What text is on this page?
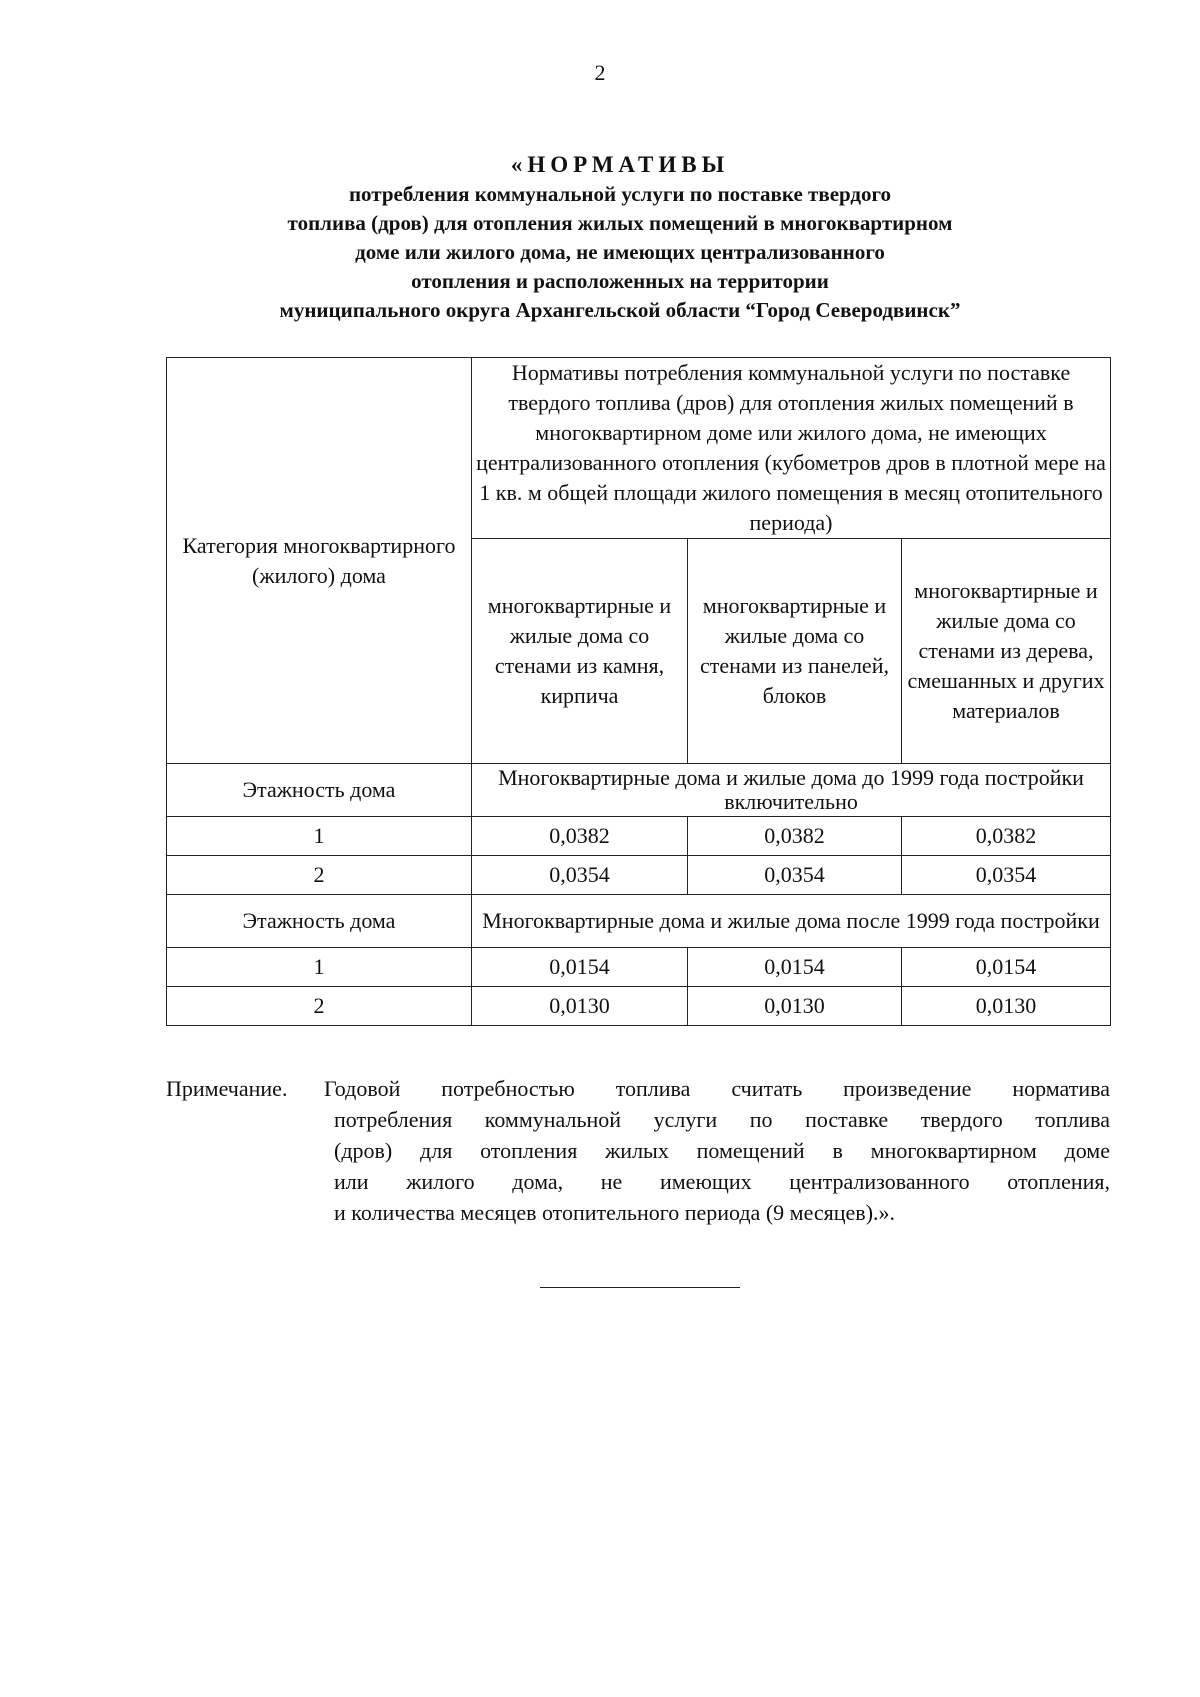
2
«НОРМАТИВЫ
потребления коммунальной услуги по поставке твердого
топлива (дров) для отопления жилых помещений в многоквартирном
доме или жилого дома, не имеющих централизованного
отопления и расположенных на территории
муниципального округа Архангельской области “Город Северодвинск”
Категория многоквартирного (жилого) дома	Нормативы потребления коммунальной услуги по поставке твердого топлива (дров) для отопления жилых помещений в многоквартирном доме или жилого дома, не имеющих централизованного отопления (кубометров дров в плотной мере на 1 кв. м общей площади жилого помещения в месяц отопительного периода)		
	многоквартирные и жилые дома со стенами из камня, кирпича	многоквартирные и жилые дома со стенами из панелей, блоков	многоквартирные и жилые дома со стенами из дерева, смешанных и других материалов
Этажность дома	Многоквартирные дома и жилые дома до 1999 года постройки включительно		
1	0,0382	0,0382	0,0382
2	0,0354	0,0354	0,0354
Этажность дома	Многоквартирные дома и жилые дома после 1999 года постройки		
1	0,0154	0,0154	0,0154
2	0,0130	0,0130	0,0130
Примечание.	Годовой потребностью топлива считать произведение норматива
потребления коммунальной услуги по поставке твердого топлива
(дров) для отопления жилых помещений в многоквартирном доме
или жилого дома, не имеющих централизованного отопления,
и количества месяцев отопительного периода (9 месяцев).».
